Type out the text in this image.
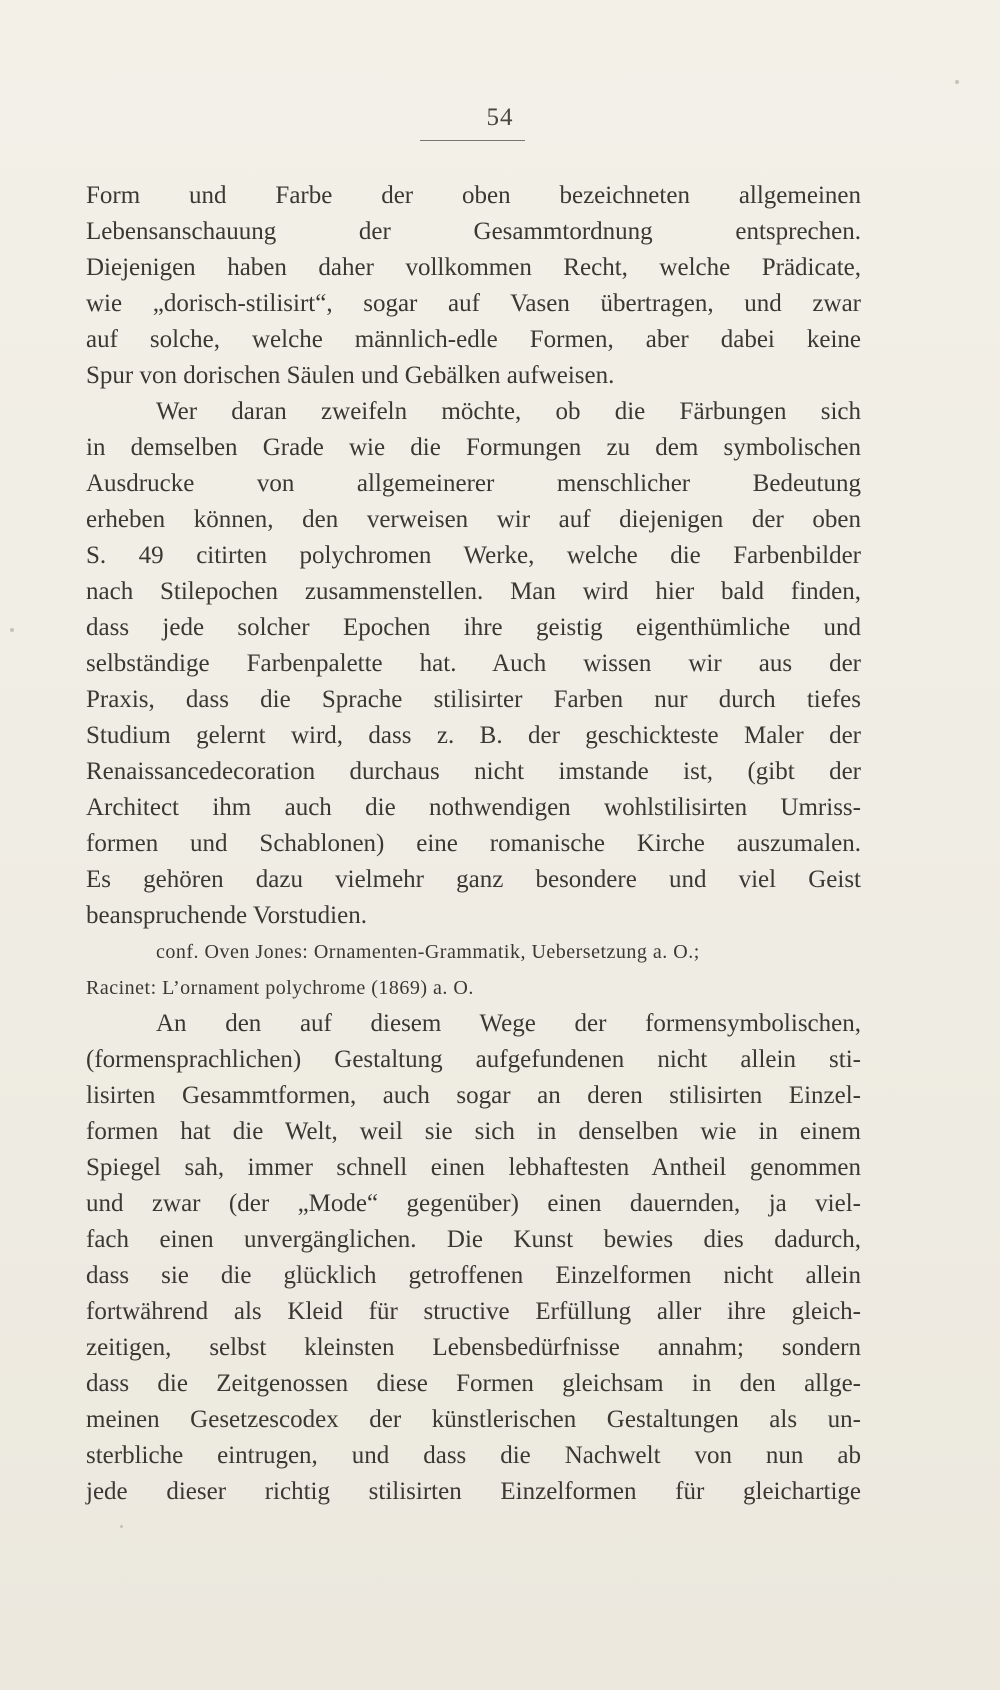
54
Form und Farbe der oben bezeichneten allgemeinen
Lebensanschauung der Gesammtordnung entsprechen.
Diejenigen haben daher vollkommen Recht, welche Prädicate,
wie „dorisch-stilisirt“, sogar auf Vasen übertragen, und zwar
auf solche, welche männlich-edle Formen, aber dabei keine
Spur von dorischen Säulen und Gebälken aufweisen.
Wer daran zweifeln möchte, ob die Färbungen sich
in demselben Grade wie die Formungen zu dem symbolischen
Ausdrucke von allgemeinerer menschlicher Bedeutung
erheben können, den verweisen wir auf diejenigen der oben
S. 49 citirten polychromen Werke, welche die Farbenbilder
nach Stilepochen zusammenstellen. Man wird hier bald finden,
dass jede solcher Epochen ihre geistig eigenthümliche und
selbständige Farbenpalette hat. Auch wissen wir aus der
Praxis, dass die Sprache stilisirter Farben nur durch tiefes
Studium gelernt wird, dass z. B. der geschickteste Maler der
Renaissancedecoration durchaus nicht imstande ist, (gibt der
Architect ihm auch die nothwendigen wohlstilisirten Umriss-
formen und Schablonen) eine romanische Kirche auszumalen.
Es gehören dazu vielmehr ganz besondere und viel Geist
beanspruchende Vorstudien.
conf. Oven Jones: Ornamenten-Grammatik, Uebersetzung a. O.;
Racinet: L’ornament polychrome (1869) a. O.
An den auf diesem Wege der formensymbolischen,
(formensprachlichen) Gestaltung aufgefundenen nicht allein sti-
lisirten Gesammtformen, auch sogar an deren stilisirten Einzel-
formen hat die Welt, weil sie sich in denselben wie in einem
Spiegel sah, immer schnell einen lebhaftesten Antheil genommen
und zwar (der „Mode“ gegenüber) einen dauernden, ja viel-
fach einen unvergänglichen. Die Kunst bewies dies dadurch,
dass sie die glücklich getroffenen Einzelformen nicht allein
fortwährend als Kleid für structive Erfüllung aller ihre gleich-
zeitigen, selbst kleinsten Lebensbedürfnisse annahm; sondern
dass die Zeitgenossen diese Formen gleichsam in den allge-
meinen Gesetzescodex der künstlerischen Gestaltungen als un-
sterbliche eintrugen, und dass die Nachwelt von nun ab
jede dieser richtig stilisirten Einzelformen für gleichartige
